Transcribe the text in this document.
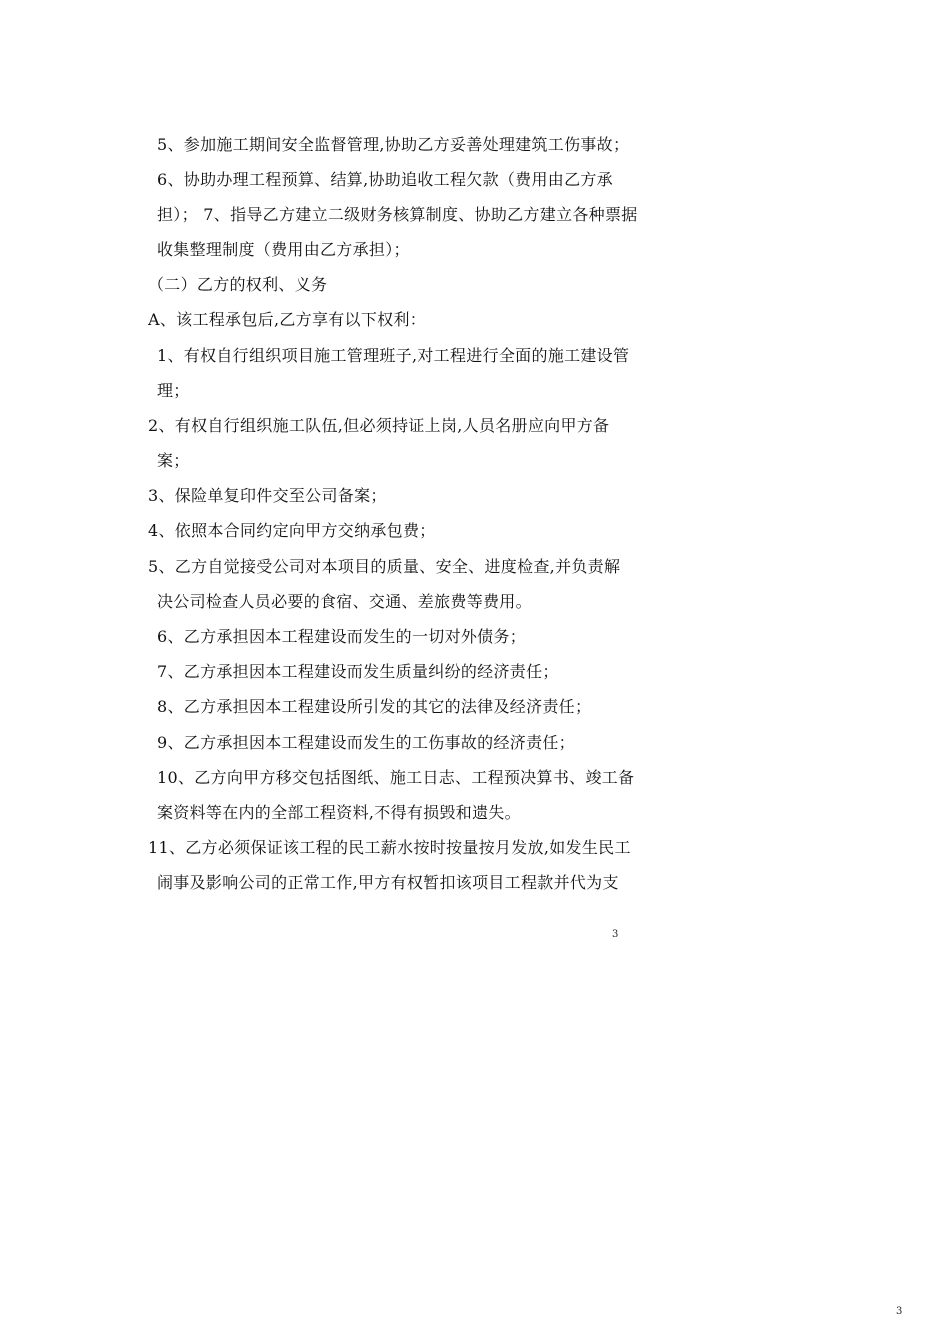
5、参加施工期间安全监督管理,协助乙方妥善处理建筑工伤事故；
6、协助办理工程预算、结算,协助追收工程欠款（费用由乙方承
担）； 7、指导乙方建立二级财务核算制度、协助乙方建立各种票据
收集整理制度（费用由乙方承担）；
（二）乙方的权利、义务
A、该工程承包后,乙方享有以下权利：
1、有权自行组织项目施工管理班子,对工程进行全面的施工建设管
理；
2、有权自行组织施工队伍,但必须持证上岗,人员名册应向甲方备
案；
3、保险单复印件交至公司备案；
4、依照本合同约定向甲方交纳承包费；
5、乙方自觉接受公司对本项目的质量、安全、进度检查,并负责解
决公司检查人员必要的食宿、交通、差旅费等费用。
6、乙方承担因本工程建设而发生的一切对外债务；
7、乙方承担因本工程建设而发生质量纠纷的经济责任；
8、乙方承担因本工程建设所引发的其它的法律及经济责任；
9、乙方承担因本工程建设而发生的工伤事故的经济责任；
10、乙方向甲方移交包括图纸、施工日志、工程预决算书、竣工备
案资料等在内的全部工程资料,不得有损毁和遗失。
11、乙方必须保证该工程的民工薪水按时按量按月发放,如发生民工
闹事及影响公司的正常工作,甲方有权暂扣该项目工程款并代为支
3
3
